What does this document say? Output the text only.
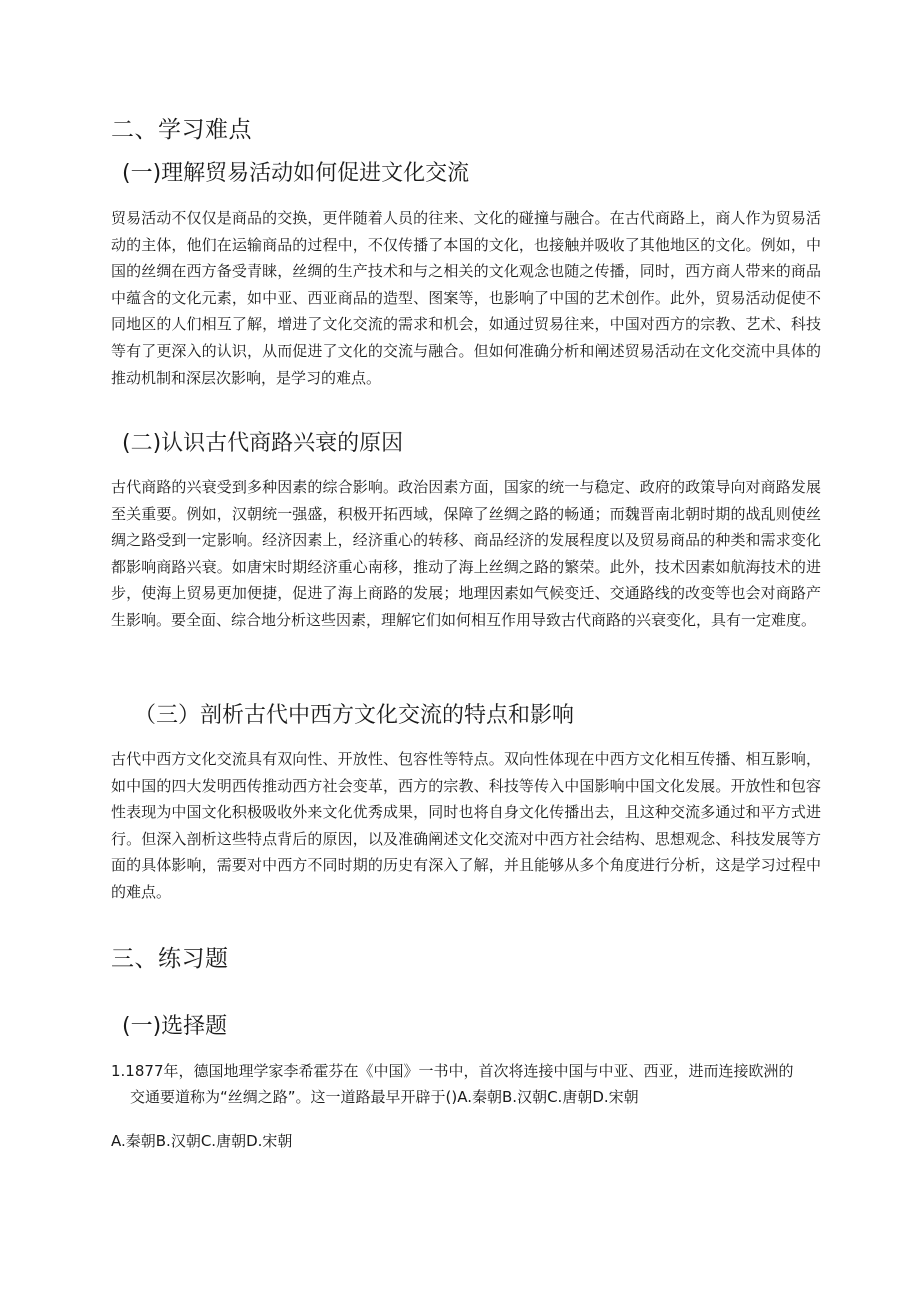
二、学习难点
(一)理解贸易活动如何促进文化交流

贸易活动不仅仅是商品的交换，更伴随着人员的往来、文化的碰撞与融合。在古代商路上，商人作为贸易活动的主体，他们在运输商品的过程中，不仅传播了本国的文化，也接触并吸收了其他地区的文化。例如，中国的丝绸在西方备受青睐，丝绸的生产技术和与之相关的文化观念也随之传播，同时，西方商人带来的商品中蕴含的文化元素，如中亚、西亚商品的造型、图案等，也影响了中国的艺术创作。此外，贸易活动促使不同地区的人们相互了解，增进了文化交流的需求和机会，如通过贸易往来，中国对西方的宗教、艺术、科技等有了更深入的认识，从而促进了文化的交流与融合。但如何准确分析和阐述贸易活动在文化交流中具体的推动机制和深层次影响，是学习的难点。

(二)认识古代商路兴衰的原因

古代商路的兴衰受到多种因素的综合影响。政治因素方面，国家的统一与稳定、政府的政策导向对商路发展至关重要。例如，汉朝统一强盛，积极开拓西域，保障了丝绸之路的畅通；而魏晋南北朝时期的战乱则使丝绸之路受到一定影响。经济因素上，经济重心的转移、商品经济的发展程度以及贸易商品的种类和需求变化都影响商路兴衰。如唐宋时期经济重心南移，推动了海上丝绸之路的繁荣。此外，技术因素如航海技术的进步，使海上贸易更加便捷，促进了海上商路的发展；地理因素如气候变迁、交通路线的改变等也会对商路产生影响。要全面、综合地分析这些因素，理解它们如何相互作用导致古代商路的兴衰变化，具有一定难度。

（三）剖析古代中西方文化交流的特点和影响

古代中西方文化交流具有双向性、开放性、包容性等特点。双向性体现在中西方文化相互传播、相互影响，如中国的四大发明西传推动西方社会变革，西方的宗教、科技等传入中国影响中国文化发展。开放性和包容性表现为中国文化积极吸收外来文化优秀成果，同时也将自身文化传播出去，且这种交流多通过和平方式进行。但深入剖析这些特点背后的原因，以及准确阐述文化交流对中西方社会结构、思想观念、科技发展等方面的具体影响，需要对中西方不同时期的历史有深入了解，并且能够从多个角度进行分析，这是学习过程中的难点。

三、练习题
(一)选择题

1.1877年，德国地理学家李希霍芬在《中国》一书中，首次将连接中国与中亚、西亚，进而连接欧洲的
交通要道称为“丝绸之路”。这一道路最早开辟于()A.秦朝B.汉朝C.唐朝D.宋朝

A.秦朝B.汉朝C.唐朝D.宋朝
